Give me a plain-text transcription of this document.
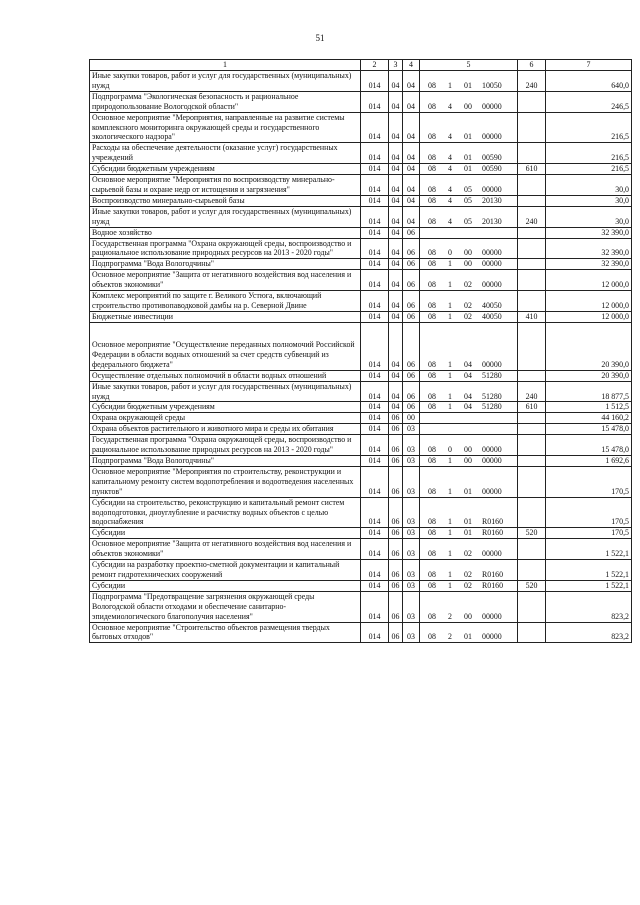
51
1	2	3	4	5	6	7
Иные закупки товаров, работ и услуг для государственных (муниципальных) нужд	014	04	04	08 1 01 10050	240	640,0
Подпрограмма "Экологическая безопасность и рациональное природопользование Вологодской области"	014	04	04	08 4 00 00000		246,5
Основное мероприятие "Мероприятия, направленные на развитие системы комплексного мониторинга окружающей среды и государственного экологического надзора"	014	04	04	08 4 01 00000		216,5
Расходы на обеспечение деятельности (оказание услуг) государственных учреждений	014	04	04	08 4 01 00590		216,5
Субсидии бюджетным учреждениям	014	04	04	08 4 01 00590	610	216,5
Основное мероприятие "Мероприятия по воспроизводству минерально-сырьевой базы и охране недр от истощения и загрязнения"	014	04	04	08 4 05 00000		30,0
Воспроизводство минерально-сырьевой базы	014	04	04	08 4 05 20130		30,0
Иные закупки товаров, работ и услуг для государственных (муниципальных) нужд	014	04	04	08 4 05 20130	240	30,0
Водное хозяйство	014	04	06			32 390,0
Государственная программа "Охрана окружающей среды, воспроизводство и рациональное использование природных ресурсов на 2013 - 2020 годы"	014	04	06	08 0 00 00000		32 390,0
Подпрограмма "Вода Вологодчины"	014	04	06	08 1 00 00000		32 390,0
Основное мероприятие "Защита от негативного воздействия вод населения и объектов экономики"	014	04	06	08 1 02 00000		12 000,0
Комплекс мероприятий по защите г. Великого Устюга, включающий строительство противопаводковой дамбы на р. Северной Двине	014	04	06	08 1 02 40050		12 000,0
Бюджетные инвестиции	014	04	06	08 1 02 40050	410	12 000,0
Основное мероприятие "Осуществление переданных полномочий Российской Федерации в области водных отношений за счет средств субвенций из федерального бюджета"	014	04	06	08 1 04 00000		20 390,0
Осуществление отдельных полномочий в области водных отношений	014	04	06	08 1 04 51280		20 390,0
Иные закупки товаров, работ и услуг для государственных (муниципальных) нужд	014	04	06	08 1 04 51280	240	18 877,5
Субсидии бюджетным учреждениям	014	04	06	08 1 04 51280	610	1 512,5
Охрана окружающей среды	014	06	00			44 160,2
Охрана объектов растительного и животного мира и среды их обитания	014	06	03			15 478,0
Государственная программа "Охрана окружающей среды, воспроизводство и рациональное использование природных ресурсов на 2013 - 2020 годы"	014	06	03	08 0 00 00000		15 478,0
Подпрограмма "Вода Вологодчины"	014	06	03	08 1 00 00000		1 692,6
Основное мероприятие "Мероприятия по строительству, реконструкции и капитальному ремонту систем водопотребления и водоотведения населенных пунктов"	014	06	03	08 1 01 00000		170,5
Субсидии на строительство, реконструкцию и капитальный ремонт систем водоподготовки, дноуглубление и расчистку водных объектов с целью водоснабжения	014	06	03	08 1 01 R0160		170,5
Субсидии	014	06	03	08 1 01 R0160	520	170,5
Основное мероприятие "Защита от негативного воздействия вод населения и объектов экономики"	014	06	03	08 1 02 00000		1 522,1
Субсидии на разработку проектно-сметной документации и капитальный ремонт гидротехнических сооружений	014	06	03	08 1 02 R0160		1 522,1
Субсидии	014	06	03	08 1 02 R0160	520	1 522,1
Подпрограмма "Предотвращение загрязнения окружающей среды Вологодской области отходами и обеспечение санитарно-эпидемиологического благополучия населения"	014	06	03	08 2 00 00000		823,2
Основное мероприятие "Строительство объектов размещения твердых бытовых отходов"	014	06	03	08 2 01 00000		823,2
